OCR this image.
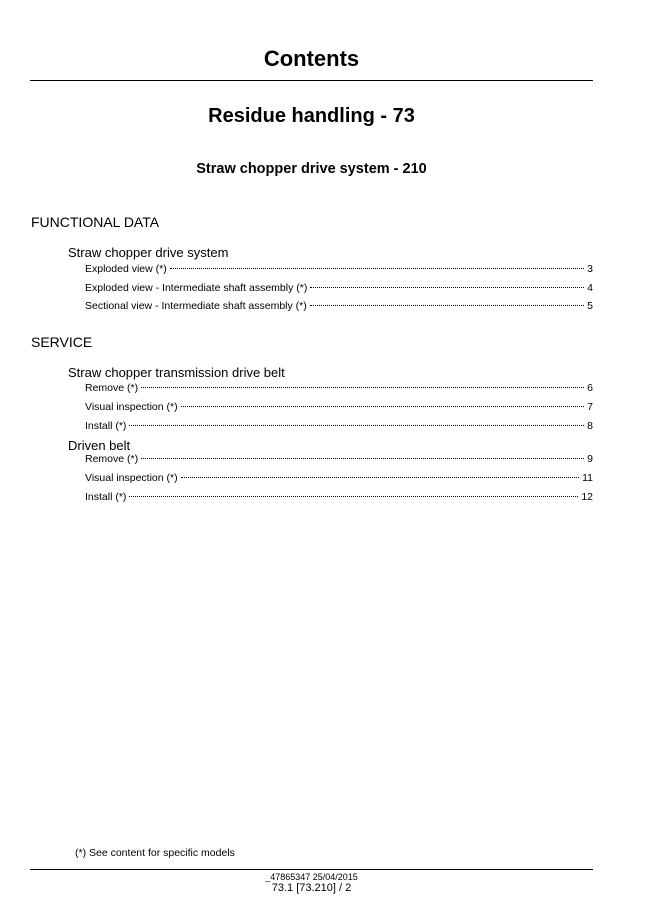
Contents
Residue handling - 73
Straw chopper drive system - 210
FUNCTIONAL DATA
Straw chopper drive system
Exploded view (*)	3
Exploded view - Intermediate shaft assembly (*)	4
Sectional view - Intermediate shaft assembly (*)	5
SERVICE
Straw chopper transmission drive belt
Remove (*)	6
Visual inspection (*)	7
Install (*)	8
Driven belt
Remove (*)	9
Visual inspection (*)	11
Install (*)	12
(*) See content for specific models
_47865347 25/04/2015
73.1 [73.210] / 2
